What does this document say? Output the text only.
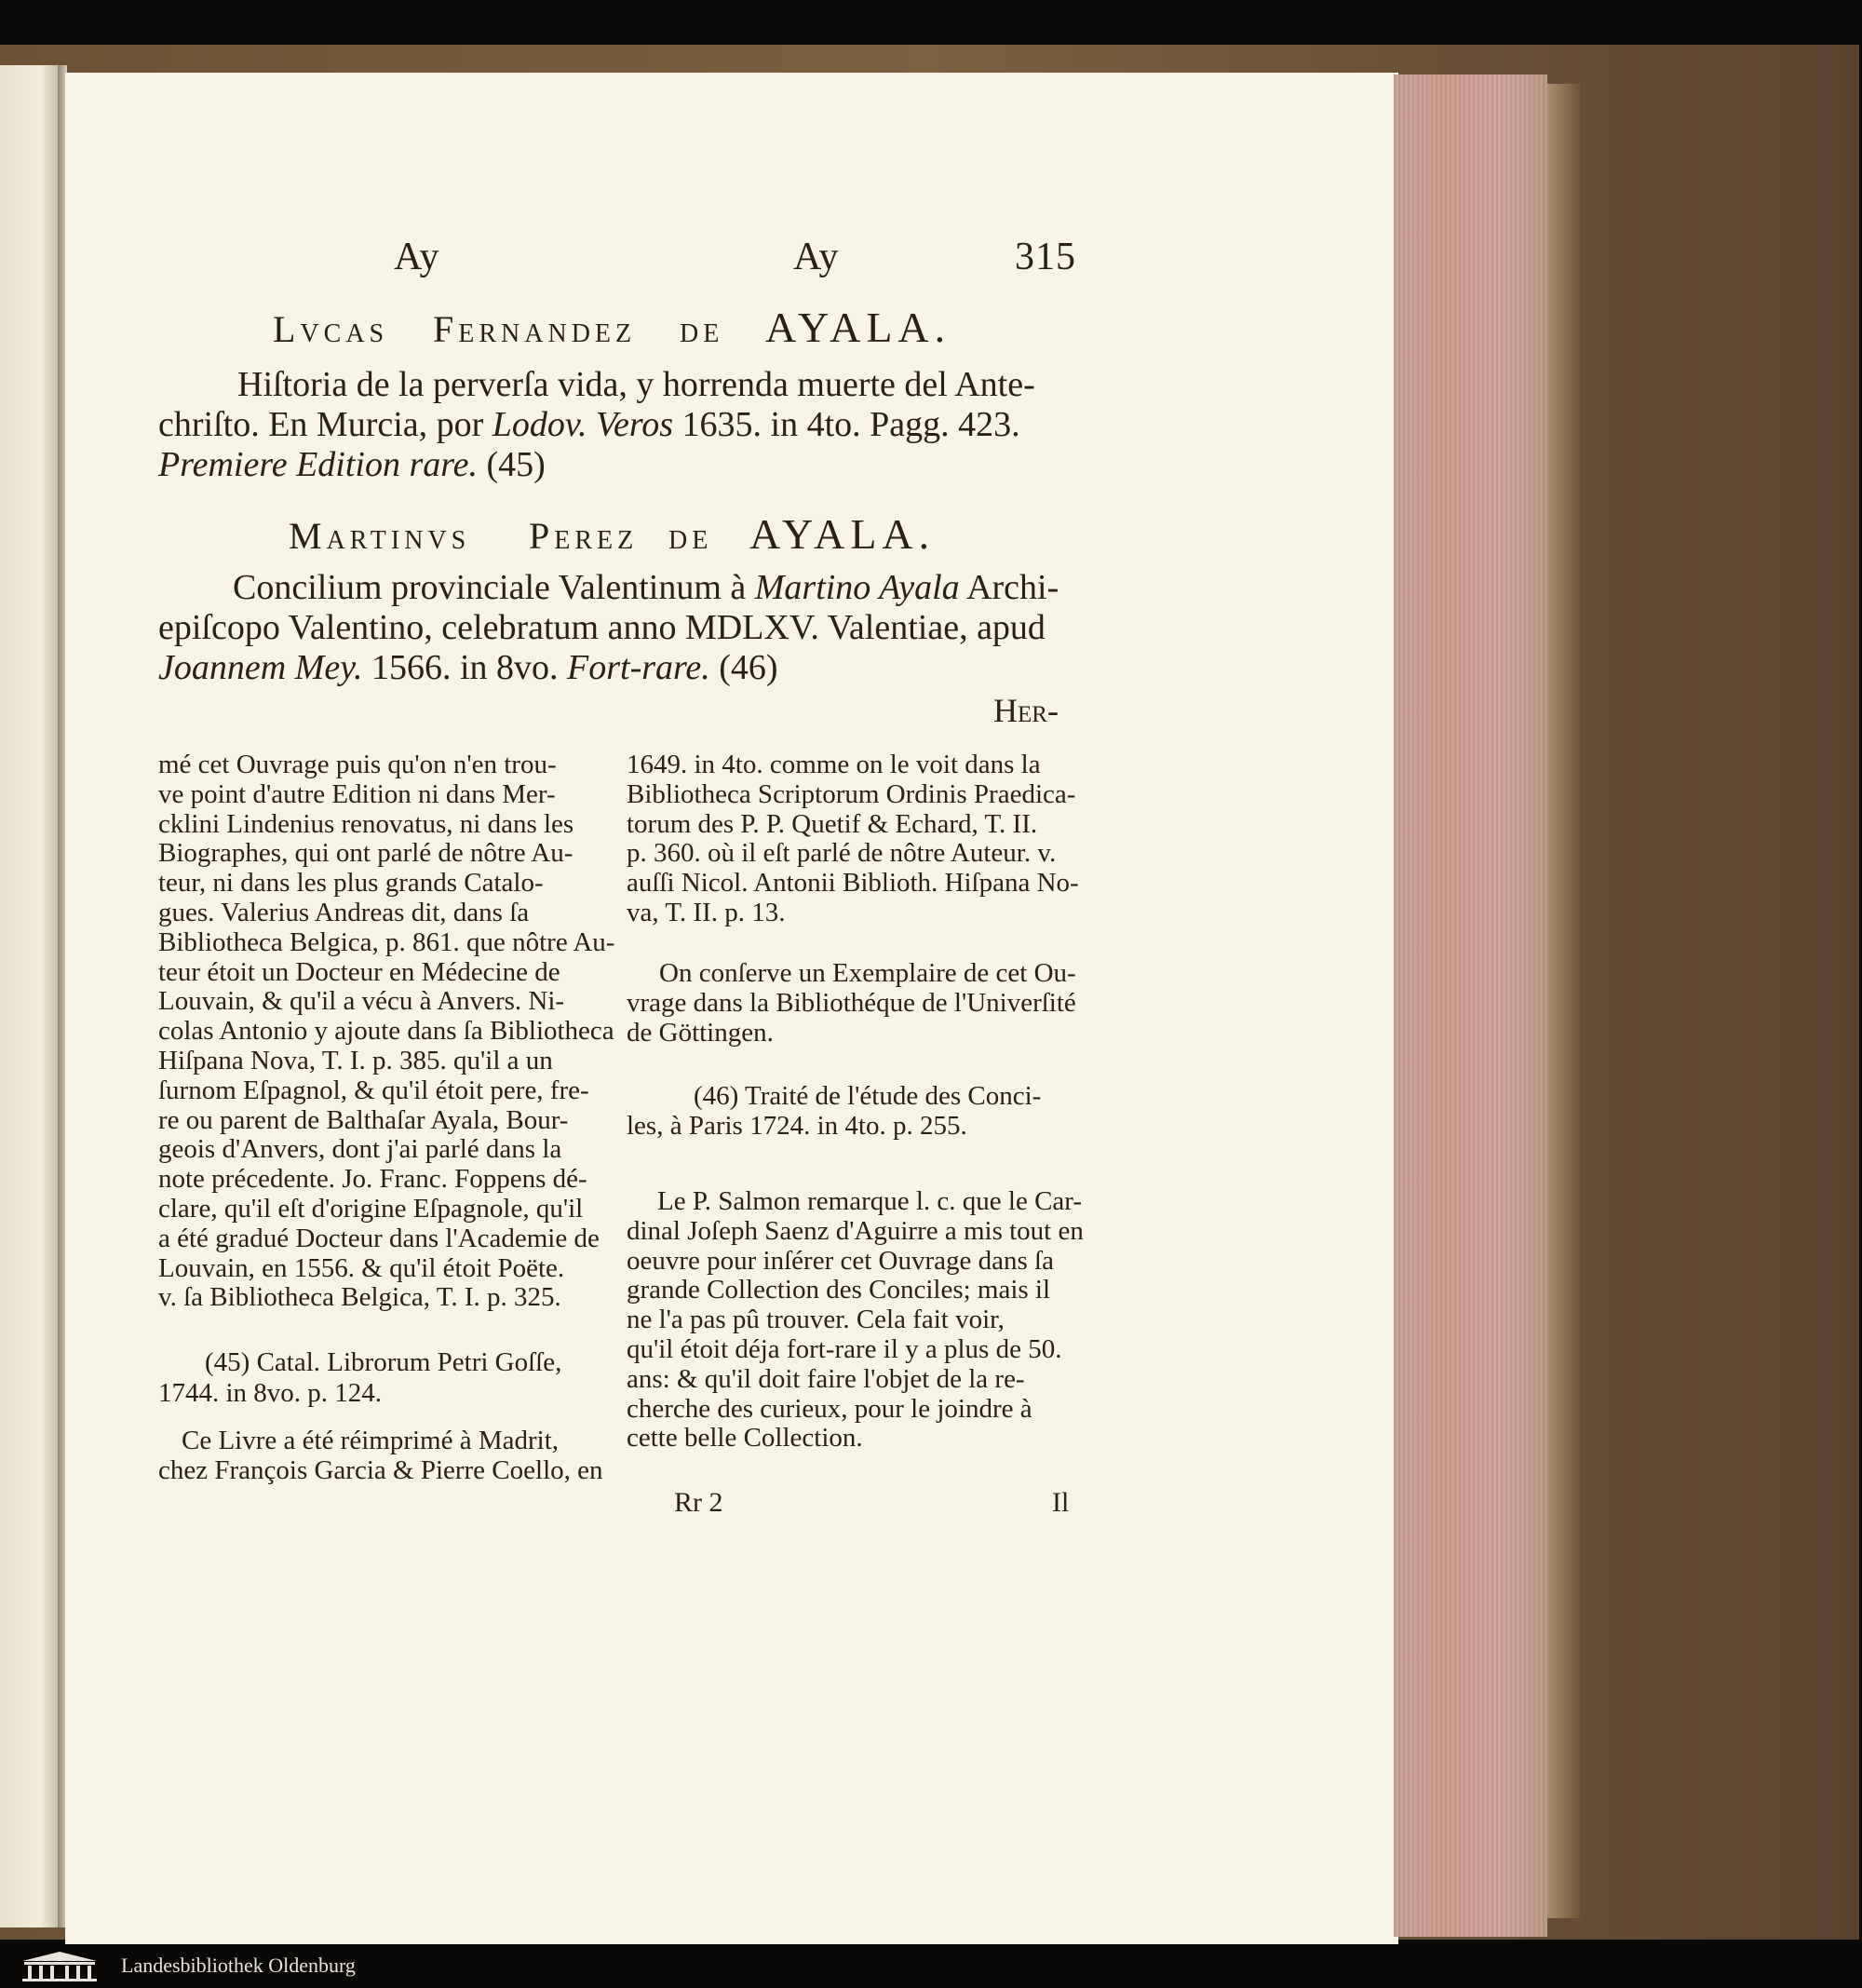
Ay	Ay	315
Lvcas Fernandez de AYALA.
Hiſtoria de la perverſa vida, y horrenda muerte del Ante-
chriſto. En Murcia, por Lodov. Veros 1635. in 4to. Pagg. 423.
Premiere Edition rare. (45)
Martinvs Perez de AYALA.
Concilium provinciale Valentinum à Martino Ayala Archi-
epiſcopo Valentino, celebratum anno MDLXV. Valentiae, apud
Joannem Mey. 1566. in 8vo. Fort-rare. (46)
Her-
mé cet Ouvrage puis qu'on n'en trou-
ve point d'autre Edition ni dans Mer-
cklini Lindenius renovatus, ni dans les
Biographes, qui ont parlé de nôtre Au-
teur, ni dans les plus grands Catalo-
gues. Valerius Andreas dit, dans ſa
Bibliotheca Belgica, p. 861. que nôtre Au-
teur étoit un Docteur en Médecine de
Louvain, & qu'il a vécu à Anvers. Ni-
colas Antonio y ajoute dans ſa Bibliotheca
Hiſpana Nova, T. I. p. 385. qu'il a un
ſurnom Eſpagnol, & qu'il étoit pere, fre-
re ou parent de Balthaſar Ayala, Bour-
geois d'Anvers, dont j'ai parlé dans la
note précedente. Jo. Franc. Foppens dé-
clare, qu'il eſt d'origine Eſpagnole, qu'il
a été gradué Docteur dans l'Academie de
Louvain, en 1556. & qu'il étoit Poëte.
v. ſa Bibliotheca Belgica, T. I. p. 325.
(45) Catal. Librorum Petri Goſſe,
1744. in 8vo. p. 124.
Ce Livre a été réimprimé à Madrit,
chez François Garcia & Pierre Coello, en
1649. in 4to. comme on le voit dans la
Bibliotheca Scriptorum Ordinis Praedica-
torum des P. P. Quetif & Echard, T. II.
p. 360. où il eſt parlé de nôtre Auteur. v.
auſſi Nicol. Antonii Biblioth. Hiſpana No-
va, T. II. p. 13.
On conſerve un Exemplaire de cet Ou-
vrage dans la Bibliothéque de l'Univerſité
de Göttingen.
(46) Traité de l'étude des Conci-
les, à Paris 1724. in 4to. p. 255.
Le P. Salmon remarque l. c. que le Car-
dinal Joſeph Saenz d'Aguirre a mis tout en
oeuvre pour inſérer cet Ouvrage dans ſa
grande Collection des Conciles; mais il
ne l'a pas pû trouver. Cela fait voir,
qu'il étoit déja fort-rare il y a plus de 50.
ans: & qu'il doit faire l'objet de la re-
cherche des curieux, pour le joindre à
cette belle Collection.
Rr 2	Il
Landesbibliothek Oldenburg
